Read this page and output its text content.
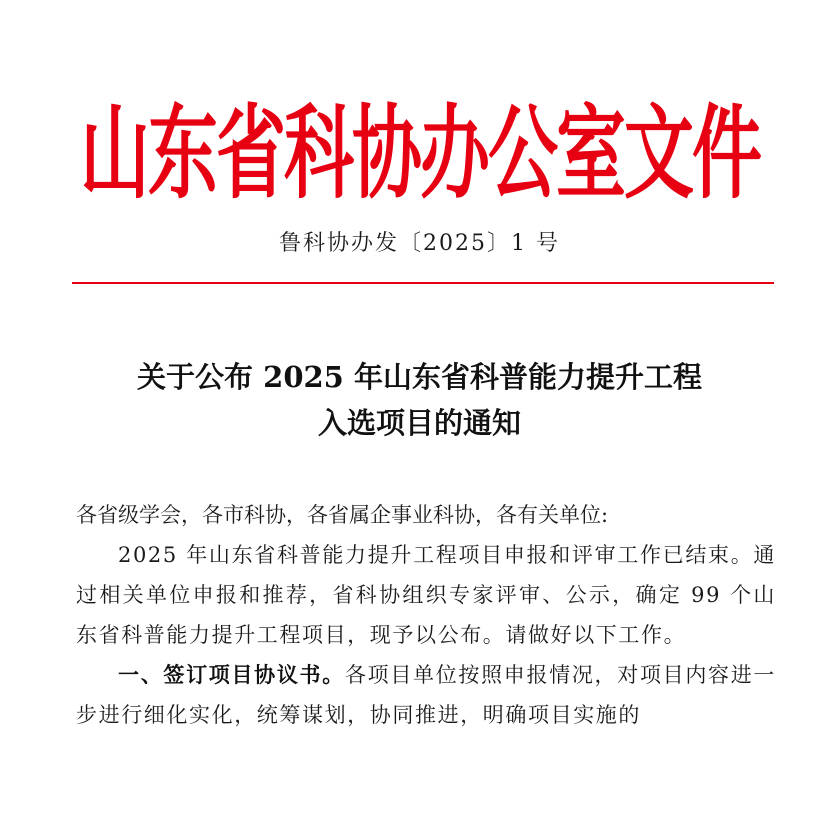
山东省科协办公室文件
鲁科协办发〔2025〕1 号
关于公布 2025 年山东省科普能力提升工程
入选项目的通知
各省级学会，各市科协，各省属企事业科协，各有关单位:
2025 年山东省科普能力提升工程项目申报和评审工作已结束。通过相关单位申报和推荐，省科协组织专家评审、公示，确定 99 个山东省科普能力提升工程项目，现予以公布。请做好以下工作。
一、签订项目协议书。各项目单位按照申报情况，对项目内容进一步进行细化实化，统筹谋划，协同推进，明确项目实施的
